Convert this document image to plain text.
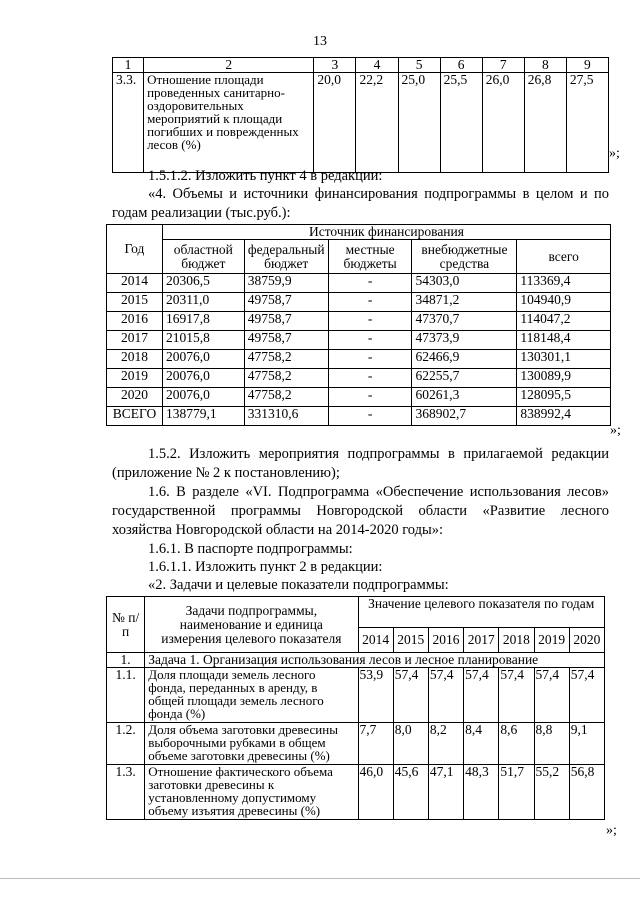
13
1	2	3	4	5	6	7	8	9
3.3.	Отношение площади проведенных санитарно-оздоровительных мероприятий к площади погибших и поврежденных лесов (%)	20,0	22,2	25,0	25,5	26,0	26,8	27,5
»;
1.5.1.2. Изложить пункт 4 в редакции:
«4. Объемы и источники финансирования подпрограммы в целом и по годам реализации (тыс.руб.):
Год	Источник финансирования				
	областной бюджет	федеральный бюджет	местные бюджеты	внебюджетные средства	всего
2014	20306,5	38759,9	-	54303,0	113369,4
2015	20311,0	49758,7	-	34871,2	104940,9
2016	16917,8	49758,7	-	47370,7	114047,2
2017	21015,8	49758,7	-	47373,9	118148,4
2018	20076,0	47758,2	-	62466,9	130301,1
2019	20076,0	47758,2	-	62255,7	130089,9
2020	20076,0	47758,2	-	60261,3	128095,5
ВСЕГО	138779,1	331310,6	-	368902,7	838992,4
»;
1.5.2. Изложить мероприятия подпрограммы в прилагаемой редакции (приложение № 2 к постановлению);
1.6. В разделе «VI. Подпрограмма «Обеспечение использования лесов» государственной программы Новгородской области «Развитие лесного хозяйства Новгородской области на 2014-2020 годы»:
1.6.1. В паспорте подпрограммы:
1.6.1.1. Изложить пункт 2 в редакции:
«2. Задачи и целевые показатели подпрограммы:
№ п/п	Задачи подпрограммы, наименование и единица измерения целевого показателя	Значение целевого показателя по годам						
		2014	2015	2016	2017	2018	2019	2020
1.	Задача 1. Организация использования лесов и лесное планирование							
1.1.	Доля площади земель лесного фонда, переданных в аренду, в общей площади земель лесного фонда (%)	53,9	57,4	57,4	57,4	57,4	57,4	57,4
1.2.	Доля объема заготовки древесины выборочными рубками в общем объеме заготовки древесины (%)	7,7	8,0	8,2	8,4	8,6	8,8	9,1
1.3.	Отношение фактического объема заготовки древесины к установленному допустимому объему изъятия древесины (%)	46,0	45,6	47,1	48,3	51,7	55,2	56,8
»;
